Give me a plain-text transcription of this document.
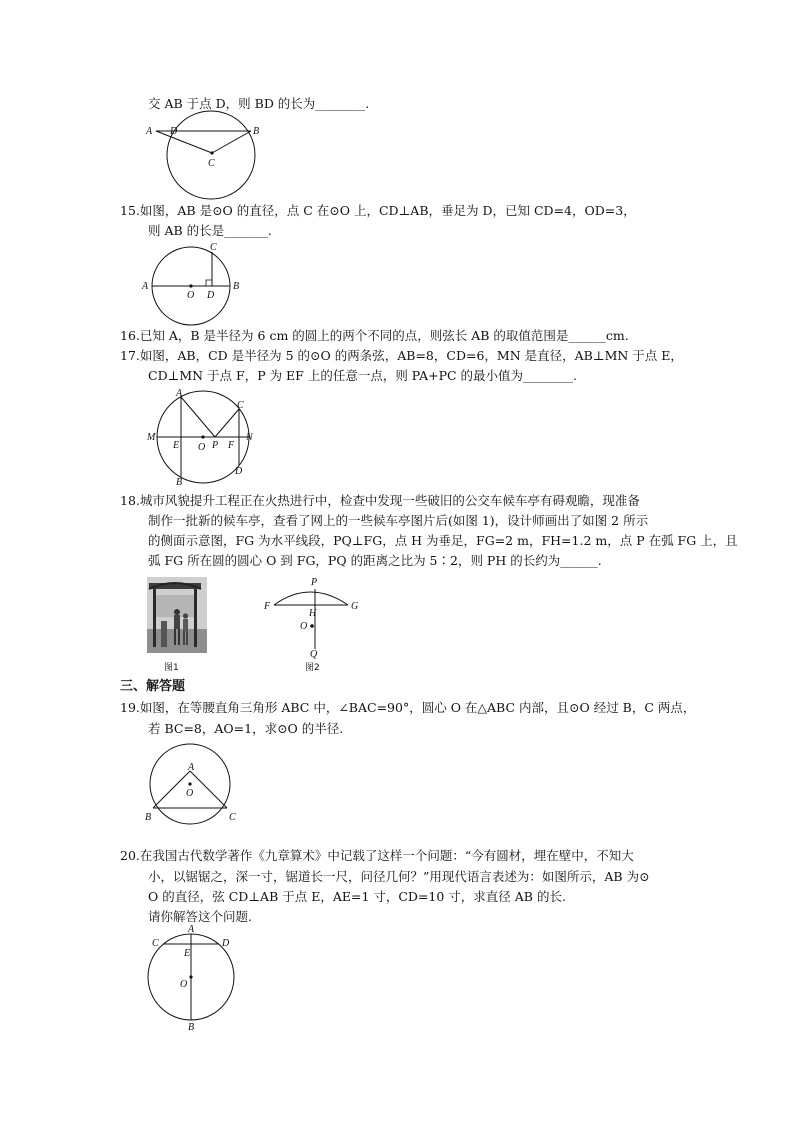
交 AB 于点 D，则 BD 的长为________.
A D	B
C
15.如图，AB 是⊙O 的直径，点 C 在⊙O 上，CD⊥AB，垂足为 D，已知 CD=4，OD=3，
则 AB 的长是_______.
A	B
C
O D
16.已知 A，B 是半径为 6 cm 的圆上的两个不同的点，则弦长 AB 的取值范围是______cm.
17.如图，AB，CD 是半径为 5 的⊙O 的两条弦，AB=8，CD=6，MN 是直径，AB⊥MN 于点 E，
CD⊥MN 于点 F，P 为 EF 上的任意一点，则 PA+PC 的最小值为________.
A
C
M	N
E O P F
D
B
18.城市风貌提升工程正在火热进行中，检查中发现一些破旧的公交车候车亭有碍观瞻，现准备
制作一批新的候车亭，查看了网上的一些候车亭图片后(如图 1)，设计师画出了如图 2 所示
的侧面示意图，FG 为水平线段，PQ⊥FG，点 H 为垂足，FG=2 m，FH=1.2 m，点 P 在弧 FG 上，且
弧 FG 所在圆的圆心 O 到 FG，PQ 的距离之比为 5∶2，则 PH 的长约为______.
图1
F	G
P
H
O
Q
图2
三、解答题
19.如图，在等腰直角三角形 ABC 中，∠BAC=90°，圆心 O 在△ABC 内部，且⊙O 经过 B，C 两点，
若 BC=8，AO=1，求⊙O 的半径.
A
O
B	C
20.在我国古代数学著作《九章算术》中记载了这样一个问题：“今有圆材，埋在壁中，不知大
小，以锯锯之，深一寸，锯道长一尺，问径几何？”用现代语言表述为：如图所示，AB 为⊙
O 的直径，弦 CD⊥AB 于点 E，AE=1 寸，CD=10 寸，求直径 AB 的长.
请你解答这个问题.
A
C	D
E
O
B
